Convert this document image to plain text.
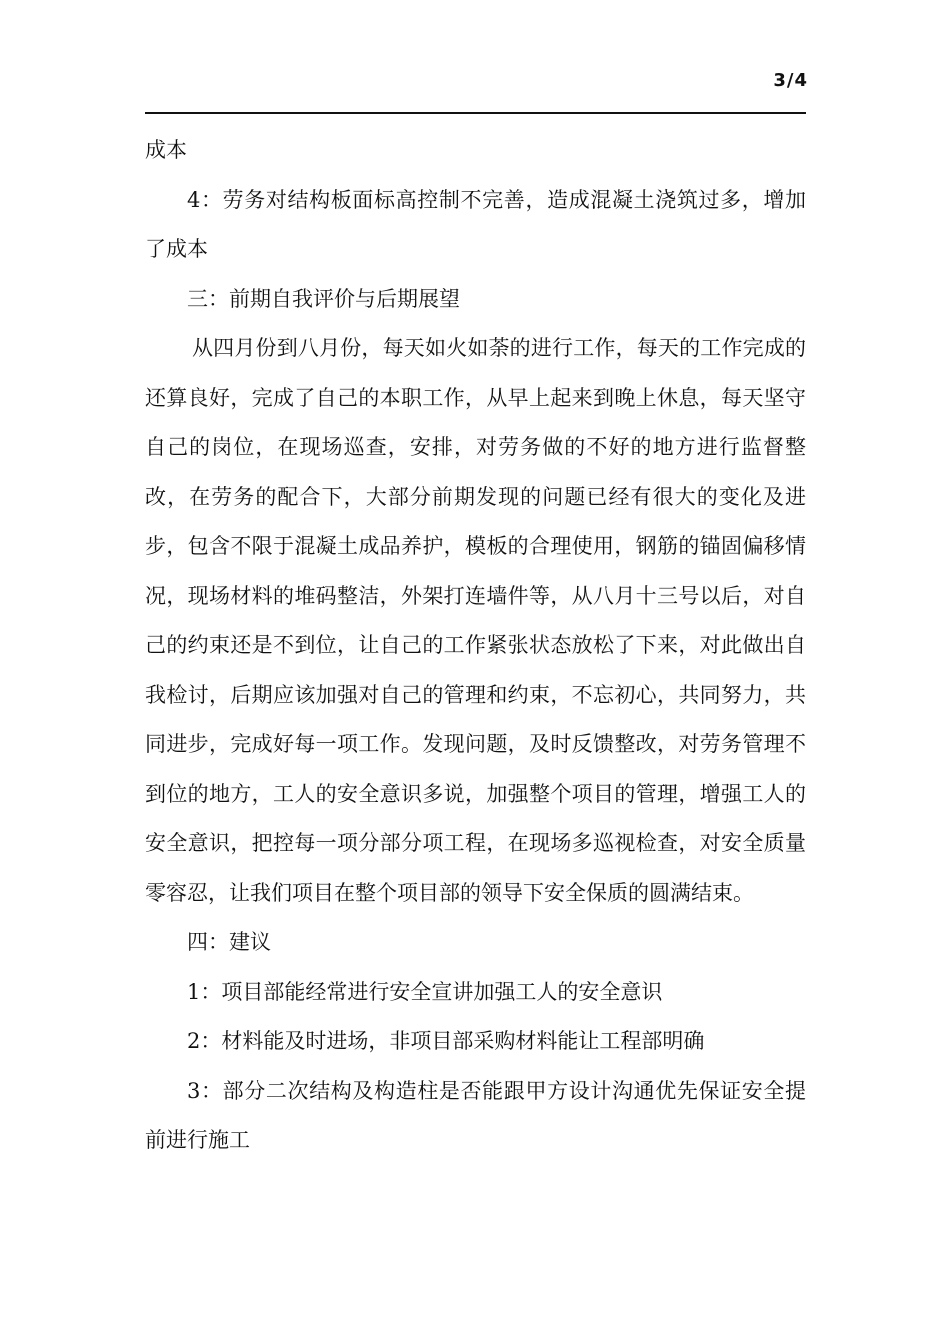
3/4

成本

4：劳务对结构板面标高控制不完善，造成混凝土浇筑过多，增加了成本

三：前期自我评价与后期展望

从四月份到八月份，每天如火如荼的进行工作，每天的工作完成的还算良好，完成了自己的本职工作，从早上起来到晚上休息，每天坚守自己的岗位，在现场巡查，安排，对劳务做的不好的地方进行监督整改，在劳务的配合下，大部分前期发现的问题已经有很大的变化及进步，包含不限于混凝土成品养护，模板的合理使用，钢筋的锚固偏移情况，现场材料的堆码整洁，外架打连墙件等，从八月十三号以后，对自己的约束还是不到位，让自己的工作紧张状态放松了下来，对此做出自我检讨，后期应该加强对自己的管理和约束，不忘初心，共同努力，共同进步，完成好每一项工作。发现问题，及时反馈整改，对劳务管理不到位的地方，工人的安全意识多说，加强整个项目的管理，增强工人的安全意识，把控每一项分部分项工程，在现场多巡视检查，对安全质量零容忍，让我们项目在整个项目部的领导下安全保质的圆满结束。

四：建议

1：项目部能经常进行安全宣讲加强工人的安全意识

2：材料能及时进场，非项目部采购材料能让工程部明确

3：部分二次结构及构造柱是否能跟甲方设计沟通优先保证安全提前进行施工
